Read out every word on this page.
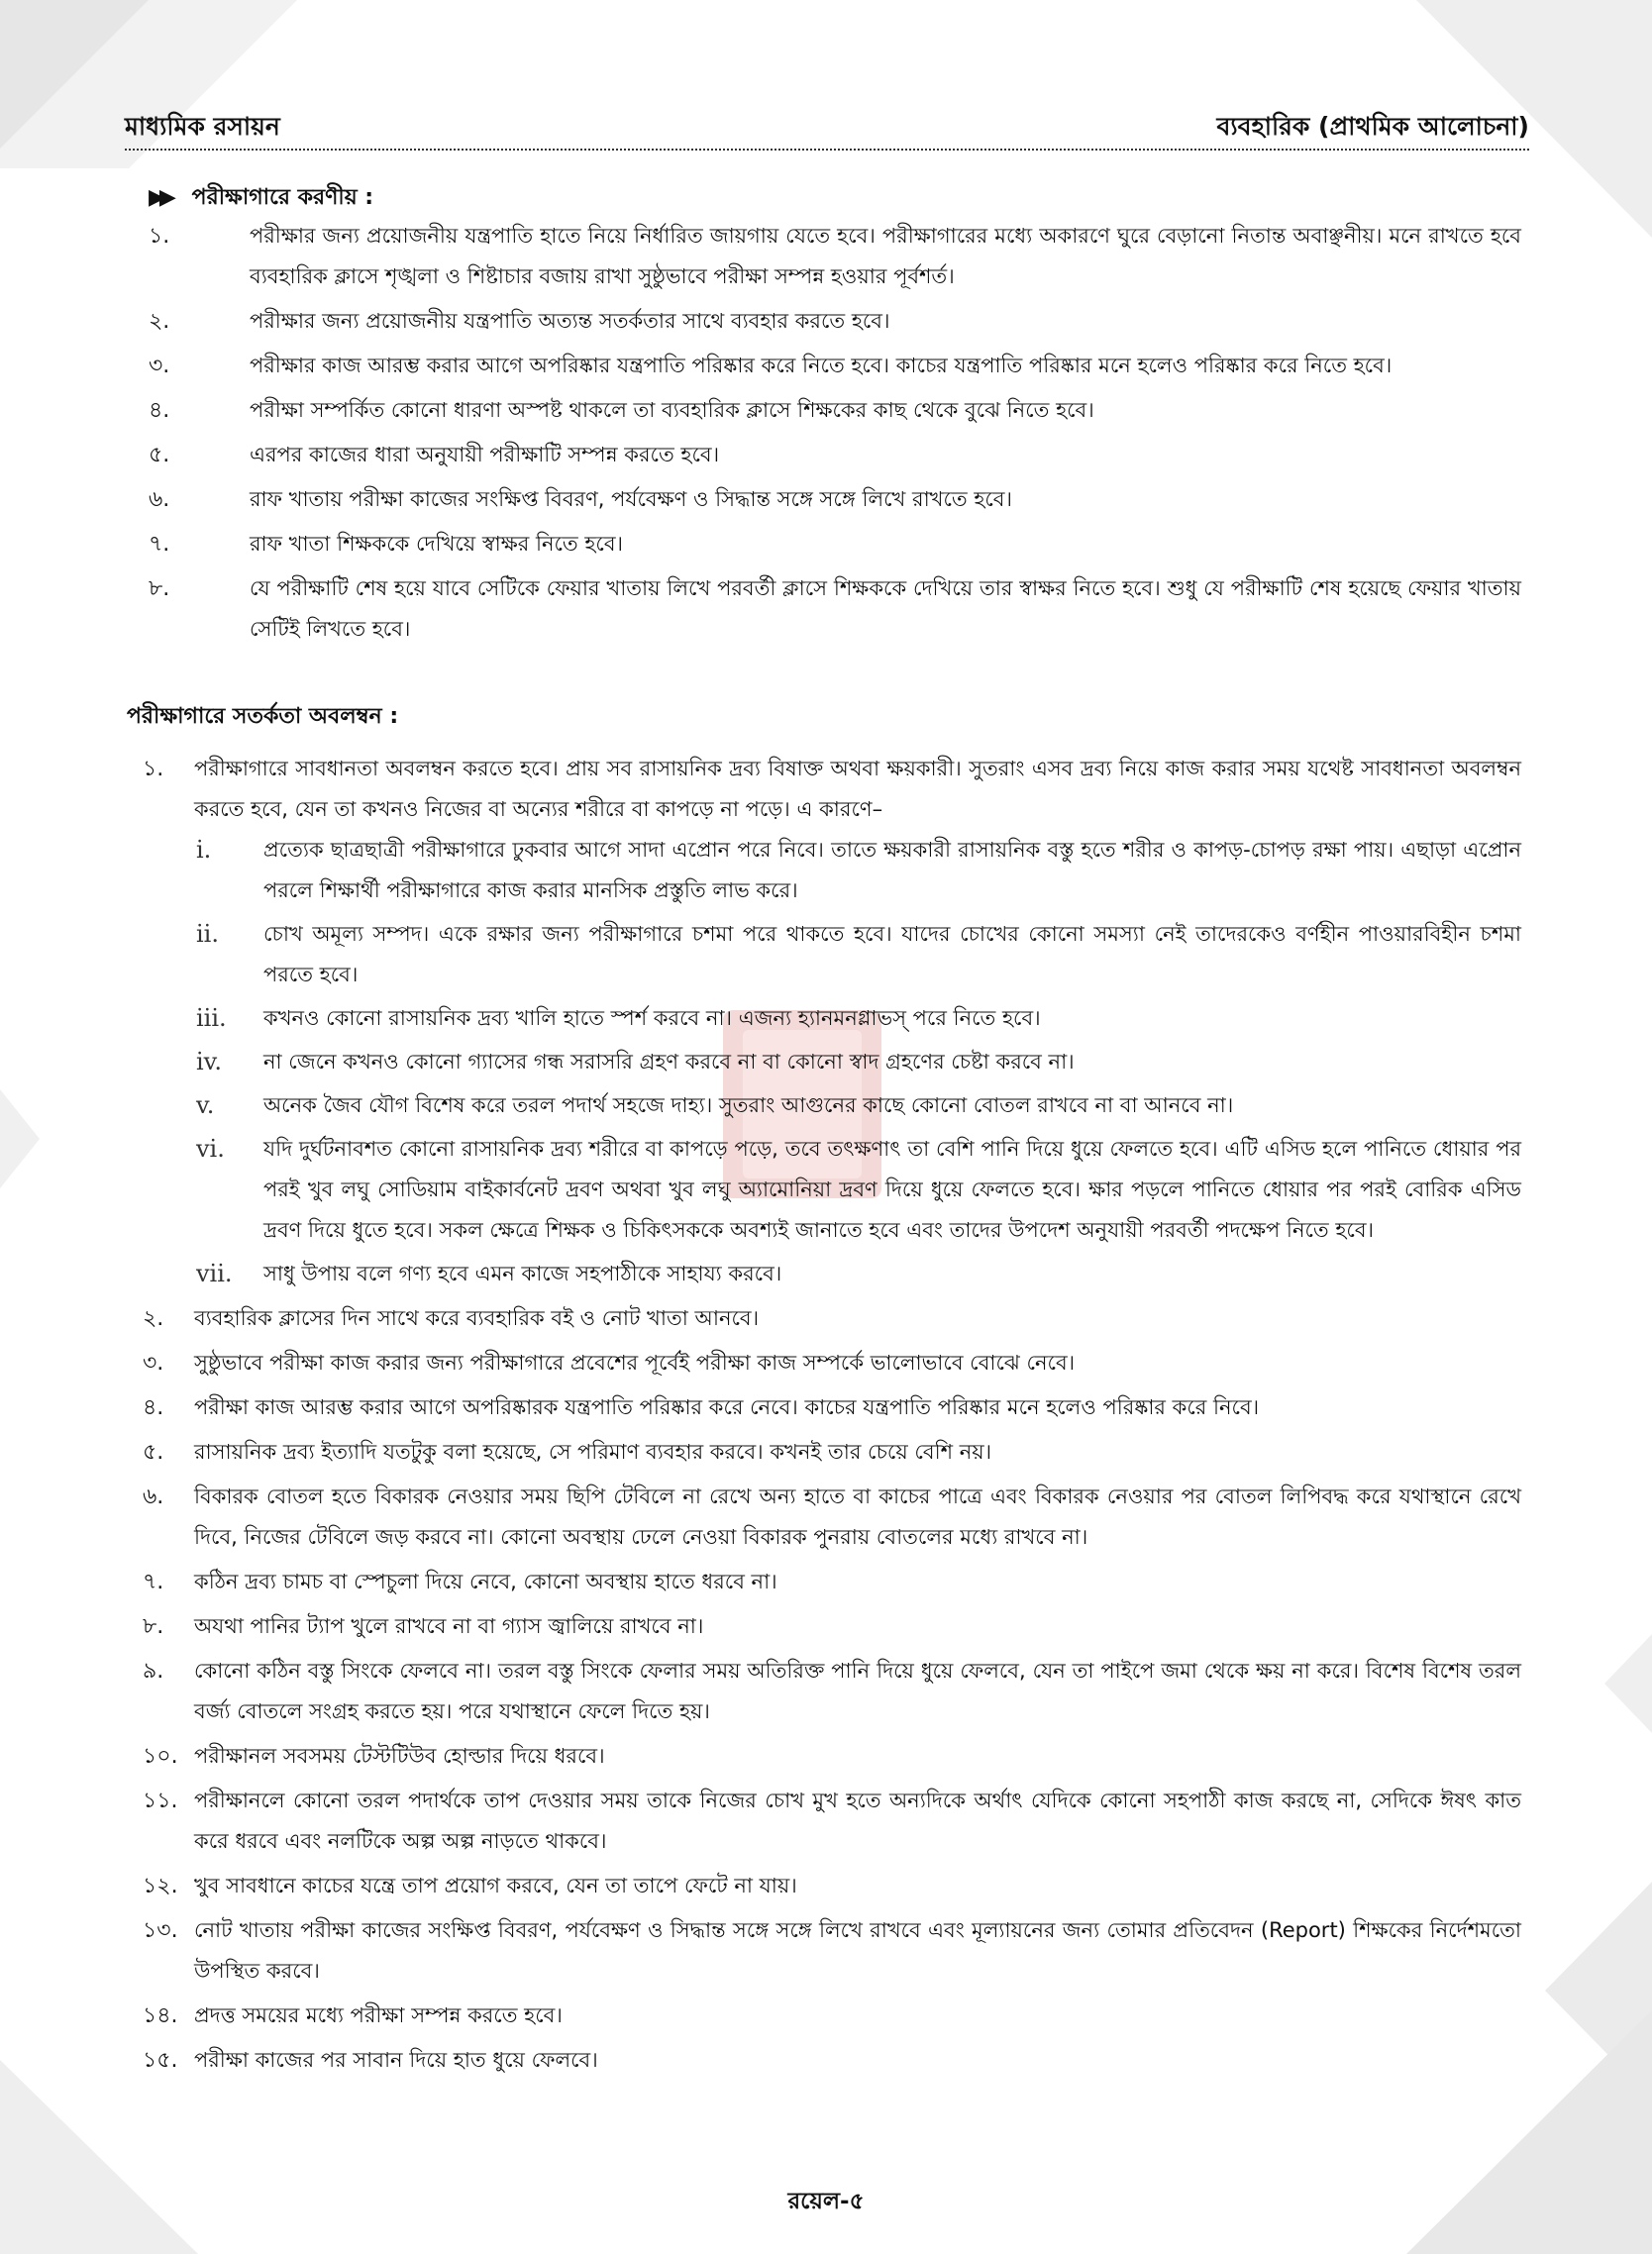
মাধ্যমিক রসায়ন	ব্যবহারিক (প্রাথমিক আলোচনা)
▶▶ পরীক্ষাগারে করণীয় :
১.	পরীক্ষার জন্য প্রয়োজনীয় যন্ত্রপাতি হাতে নিয়ে নির্ধারিত জায়গায় যেতে হবে। পরীক্ষাগারের মধ্যে অকারণে ঘুরে বেড়ানো নিতান্ত অবাঞ্ছনীয়। মনে রাখতে হবে ব্যবহারিক ক্লাসে শৃঙ্খলা ও শিষ্টাচার বজায় রাখা সুষ্ঠুভাবে পরীক্ষা সম্পন্ন হওয়ার পূর্বশর্ত।
২.	পরীক্ষার জন্য প্রয়োজনীয় যন্ত্রপাতি অত্যন্ত সতর্কতার সাথে ব্যবহার করতে হবে।
৩.	পরীক্ষার কাজ আরম্ভ করার আগে অপরিষ্কার যন্ত্রপাতি পরিষ্কার করে নিতে হবে। কাচের যন্ত্রপাতি পরিষ্কার মনে হলেও পরিষ্কার করে নিতে হবে।
৪.	পরীক্ষা সম্পর্কিত কোনো ধারণা অস্পষ্ট থাকলে তা ব্যবহারিক ক্লাসে শিক্ষকের কাছ থেকে বুঝে নিতে হবে।
৫.	এরপর কাজের ধারা অনুযায়ী পরীক্ষাটি সম্পন্ন করতে হবে।
৬.	রাফ খাতায় পরীক্ষা কাজের সংক্ষিপ্ত বিবরণ, পর্যবেক্ষণ ও সিদ্ধান্ত সঙ্গে সঙ্গে লিখে রাখতে হবে।
৭.	রাফ খাতা শিক্ষককে দেখিয়ে স্বাক্ষর নিতে হবে।
৮.	যে পরীক্ষাটি শেষ হয়ে যাবে সেটিকে ফেয়ার খাতায় লিখে পরবর্তী ক্লাসে শিক্ষককে দেখিয়ে তার স্বাক্ষর নিতে হবে। শুধু যে পরীক্ষাটি শেষ হয়েছে ফেয়ার খাতায় সেটিই লিখতে হবে।
পরীক্ষাগারে সতর্কতা অবলম্বন :
১.	পরীক্ষাগারে সাবধানতা অবলম্বন করতে হবে। প্রায় সব রাসায়নিক দ্রব্য বিষাক্ত অথবা ক্ষয়কারী। সুতরাং এসব দ্রব্য নিয়ে কাজ করার সময় যথেষ্ট সাবধানতা অবলম্বন করতে হবে, যেন তা কখনও নিজের বা অন্যের শরীরে বা কাপড়ে না পড়ে। এ কারণে–
i.	প্রত্যেক ছাত্রছাত্রী পরীক্ষাগারে ঢুকবার আগে সাদা এপ্রোন পরে নিবে। তাতে ক্ষয়কারী রাসায়নিক বস্তু হতে শরীর ও কাপড়-চোপড় রক্ষা পায়। এছাড়া এপ্রোন পরলে শিক্ষার্থী পরীক্ষাগারে কাজ করার মানসিক প্রস্তুতি লাভ করে।
ii.	চোখ অমূল্য সম্পদ। একে রক্ষার জন্য পরীক্ষাগারে চশমা পরে থাকতে হবে। যাদের চোখের কোনো সমস্যা নেই তাদেরকেও বর্ণহীন পাওয়ারবিহীন চশমা পরতে হবে।
iii.	কখনও কোনো রাসায়নিক দ্রব্য খালি হাতে স্পর্শ করবে না। এজন্য হ্যানমনগ্লাভস্ পরে নিতে হবে।
iv.	না জেনে কখনও কোনো গ্যাসের গন্ধ সরাসরি গ্রহণ করবে না বা কোনো স্বাদ গ্রহণের চেষ্টা করবে না।
v.	অনেক জৈব যৌগ বিশেষ করে তরল পদার্থ সহজে দাহ্য। সুতরাং আগুনের কাছে কোনো বোতল রাখবে না বা আনবে না।
vi.	যদি দুর্ঘটনাবশত কোনো রাসায়নিক দ্রব্য শরীরে বা কাপড়ে পড়ে, তবে তৎক্ষণাৎ তা বেশি পানি দিয়ে ধুয়ে ফেলতে হবে। এটি এসিড হলে পানিতে ধোয়ার পর পরই খুব লঘু সোডিয়াম বাইকার্বনেট দ্রবণ অথবা খুব লঘু অ্যামোনিয়া দ্রবণ দিয়ে ধুয়ে ফেলতে হবে। ক্ষার পড়লে পানিতে ধোয়ার পর পরই বোরিক এসিড দ্রবণ দিয়ে ধুতে হবে। সকল ক্ষেত্রে শিক্ষক ও চিকিৎসককে অবশ্যই জানাতে হবে এবং তাদের উপদেশ অনুযায়ী পরবর্তী পদক্ষেপ নিতে হবে।
vii.	সাধু উপায় বলে গণ্য হবে এমন কাজে সহপাঠীকে সাহায্য করবে।
২.	ব্যবহারিক ক্লাসের দিন সাথে করে ব্যবহারিক বই ও নোট খাতা আনবে।
৩.	সুষ্ঠুভাবে পরীক্ষা কাজ করার জন্য পরীক্ষাগারে প্রবেশের পূর্বেই পরীক্ষা কাজ সম্পর্কে ভালোভাবে বোঝে নেবে।
৪.	পরীক্ষা কাজ আরম্ভ করার আগে অপরিষ্কারক যন্ত্রপাতি পরিষ্কার করে নেবে। কাচের যন্ত্রপাতি পরিষ্কার মনে হলেও পরিষ্কার করে নিবে।
৫.	রাসায়নিক দ্রব্য ইত্যাদি যতটুকু বলা হয়েছে, সে পরিমাণ ব্যবহার করবে। কখনই তার চেয়ে বেশি নয়।
৬.	বিকারক বোতল হতে বিকারক নেওয়ার সময় ছিপি টেবিলে না রেখে অন্য হাতে বা কাচের পাত্রে এবং বিকারক নেওয়ার পর বোতল লিপিবদ্ধ করে যথাস্থানে রেখে দিবে, নিজের টেবিলে জড় করবে না। কোনো অবস্থায় ঢেলে নেওয়া বিকারক পুনরায় বোতলের মধ্যে রাখবে না।
৭.	কঠিন দ্রব্য চামচ বা স্পেচুলা দিয়ে নেবে, কোনো অবস্থায় হাতে ধরবে না।
৮.	অযথা পানির ট্যাপ খুলে রাখবে না বা গ্যাস জ্বালিয়ে রাখবে না।
৯.	কোনো কঠিন বস্তু সিংকে ফেলবে না। তরল বস্তু সিংকে ফেলার সময় অতিরিক্ত পানি দিয়ে ধুয়ে ফেলবে, যেন তা পাইপে জমা থেকে ক্ষয় না করে। বিশেষ বিশেষ তরল বর্জ্য বোতলে সংগ্রহ করতে হয়। পরে যথাস্থানে ফেলে দিতে হয়।
১০. পরীক্ষানল সবসময় টেস্টটিউব হোল্ডার দিয়ে ধরবে।
১১. পরীক্ষানলে কোনো তরল পদার্থকে তাপ দেওয়ার সময় তাকে নিজের চোখ মুখ হতে অন্যদিকে অর্থাৎ যেদিকে কোনো সহপাঠী কাজ করছে না, সেদিকে ঈষৎ কাত করে ধরবে এবং নলটিকে অল্প অল্প নাড়তে থাকবে।
১২. খুব সাবধানে কাচের যন্ত্রে তাপ প্রয়োগ করবে, যেন তা তাপে ফেটে না যায়।
১৩. নোট খাতায় পরীক্ষা কাজের সংক্ষিপ্ত বিবরণ, পর্যবেক্ষণ ও সিদ্ধান্ত সঙ্গে সঙ্গে লিখে রাখবে এবং মূল্যায়নের জন্য তোমার প্রতিবেদন (Report) শিক্ষকের নির্দেশমতো উপস্থিত করবে।
১৪. প্রদত্ত সময়ের মধ্যে পরীক্ষা সম্পন্ন করতে হবে।
১৫. পরীক্ষা কাজের পর সাবান দিয়ে হাত ধুয়ে ফেলবে।
রয়েল-৫
